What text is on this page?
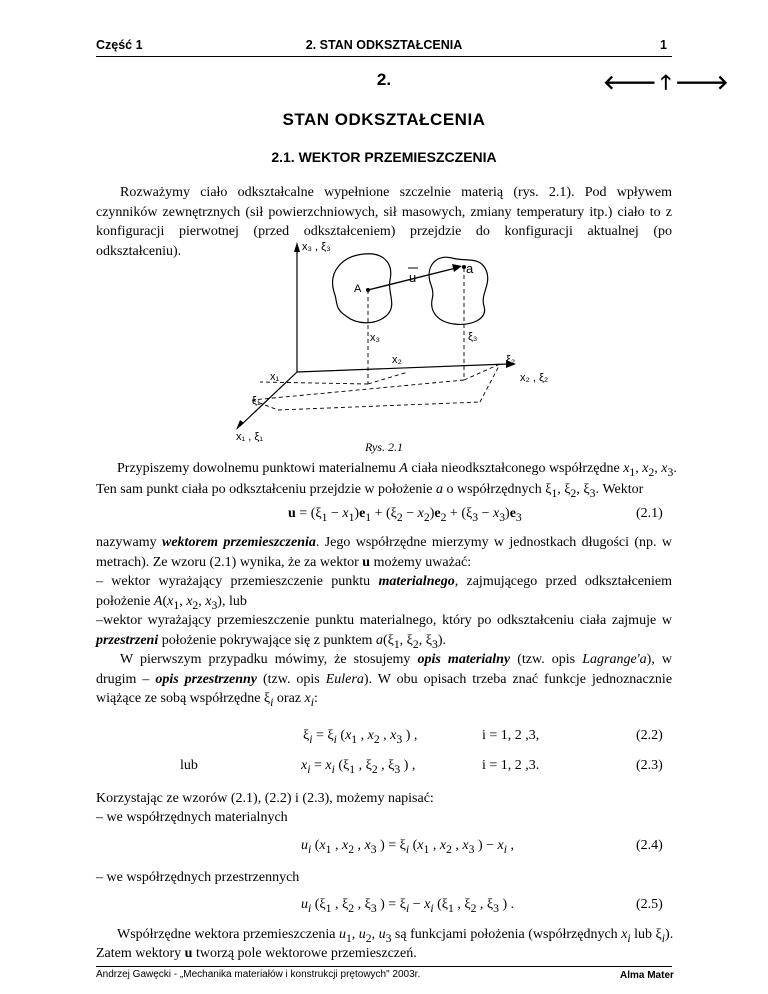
Część 1	2. STAN ODKSZTAŁCENIA	1
2.	🡐🡑🡒
STAN ODKSZTAŁCENIA
2.1. WEKTOR PRZEMIESZCZENIA
Rozważymy ciało odkształcalne wypełnione szczelnie materią (rys. 2.1). Pod wpływem czynników zewnętrznych (sił powierzchniowych, sił masowych, zmiany temperatury itp.) ciało to z konfiguracji pierwotnej (przed odkształceniem) przejdzie do konfiguracji aktualnej (po odkształceniu).	x₃ , ξ₃
x₂ , ξ₂
x₁ , ξ₁
u
a
A
x₃	ξ₃
x₂	ξ₂
x₁
ξ₁
Rys. 2.1
  Przypiszemy dowolnemu punktowi materialnemu A ciała nieodkształconego współrzędne $x_1$, $x_2$, $x_3$.
Ten sam punkt ciała po odkształceniu przejdzie w położenie a o współrzędnych $\xi_1$, $\xi_2$, $\xi_3$. Wektor
$u = (\xi_1 - x_1)e_1 + (\xi_2 - x_2)e_2 + (\xi_3 - x_3)e_3$	(2.1)
nazywamy wektorem przemieszczenia. Jego współrzędne mierzymy w jednostkach długości (np. w metrach). Ze wzoru (2.1) wynika, że za wektor u możemy uważać:
– wektor wyrażający przemieszczenie punktu materialnego, zajmującego przed odkształceniem położenie $A(x_1$, $x_2$, $x_3$), lub
–wektor wyrażający przemieszczenie punktu materialnego, który po odkształceniu ciała zajmuje w przestrzeni położenie pokrywające się z punktem $a(\xi_1$, $\xi_2$, $\xi_3$).
W pierwszym przypadku mówimy, że stosujemy opis materialny (tzw. opis Lagrange'a), w drugim – opis przestrzenny (tzw. opis Eulera). W obu opisach trzeba znać funkcje jednoznacznie wiążące ze sobą współrzędne $\xi_i$ oraz $x_i$:
$\xi_i = \xi_i$ ($x_1$ , $x_2$ , $x_3$ ) ,	i = 1, 2 ,3,	(2.2)
lub	$x_i = x_i$ ($\xi_1$ , $\xi_2$ , $\xi_3$ ) ,	i = 1, 2 ,3.	(2.3)
Korzystając ze wzorów (2.1), (2.2) i (2.3), możemy napisać:
– we współrzędnych materialnych
$u_i$ ($x_1$ , $x_2$ , $x_3$ ) = $\xi_i$ ($x_1$ , $x_2$ , $x_3$ ) − $x_i$ ,	(2.4)
– we współrzędnych przestrzennych
$u_i$ ($\xi_1$ , $\xi_2$ , $\xi_3$ ) = $\xi_i - x_i$ ($\xi_1$ , $\xi_2$ , $\xi_3$ ) .	(2.5)
  Współrzędne wektora przemieszczenia $u_1$, $u_2$, $u_3$ są funkcjami położenia (współrzędnych $x_i$ lub $\xi_i$).
Zatem wektory u tworzą pole wektorowe przemieszczeń.
Andrzej Gawęcki - „Mechanika materiałów i konstrukcji prętowych" 2003r.	Alma Mater
